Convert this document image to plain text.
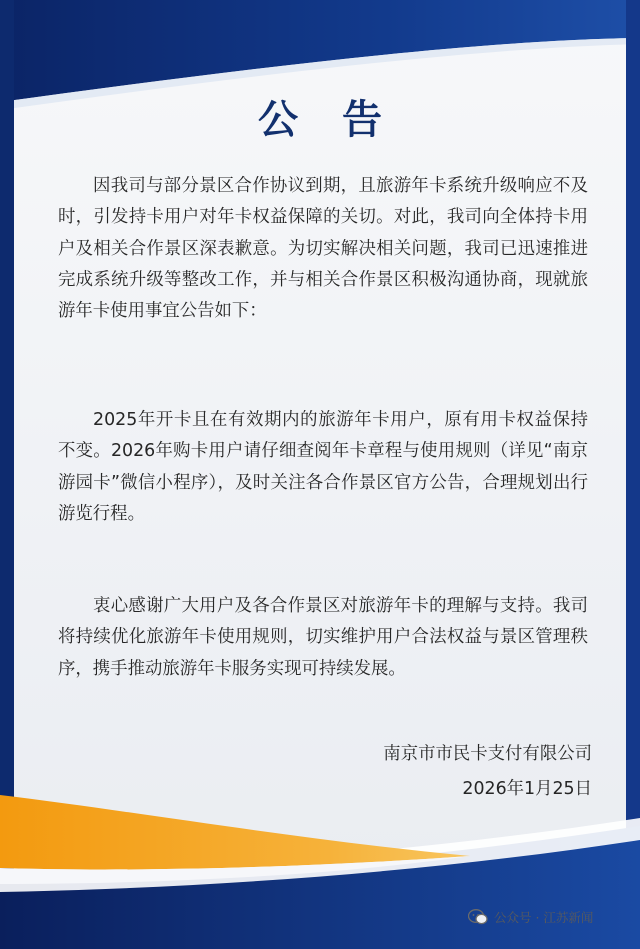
公告

因我司与部分景区合作协议到期，且旅游年卡系统升级响应不及时，引发持卡用户对年卡权益保障的关切。对此，我司向全体持卡用户及相关合作景区深表歉意。为切实解决相关问题，我司已迅速推进完成系统升级等整改工作，并与相关合作景区积极沟通协商，现就旅游年卡使用事宜公告如下：

2025年开卡且在有效期内的旅游年卡用户，原有用卡权益保持不变。2026年购卡用户请仔细查阅年卡章程与使用规则（详见“南京游园卡”微信小程序），及时关注各合作景区官方公告，合理规划出行游览行程。

衷心感谢广大用户及各合作景区对旅游年卡的理解与支持。我司将持续优化旅游年卡使用规则，切实维护用户合法权益与景区管理秩序，携手推动旅游年卡服务实现可持续发展。

南京市市民卡支付有限公司

2026年1月25日

公众号 · 江苏新闻
